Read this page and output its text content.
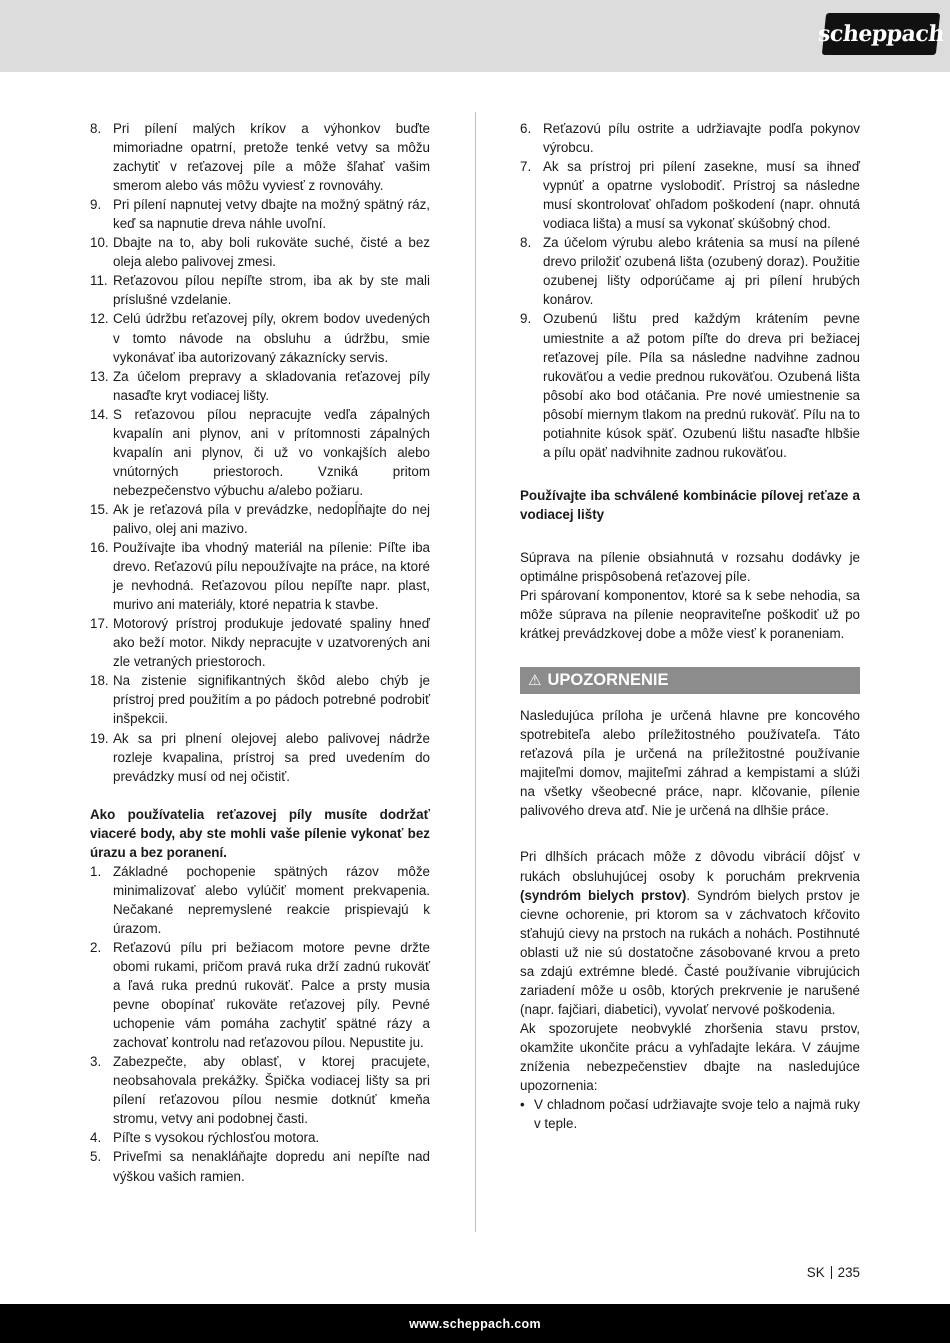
scheppach
8. Pri pílení malých kríkov a výhonkov buďte mimoriadne opatrní, pretože tenké vetvy sa môžu zachytiť v reťazovej píle a môže šľahať vašim smerom alebo vás môžu vyviesť z rovnováhy.
9. Pri pílení napnutej vetvy dbajte na možný spätný ráz, keď sa napnutie dreva náhle uvoľní.
10. Dbajte na to, aby boli rukoväte suché, čisté a bez oleja alebo palivovej zmesi.
11. Reťazovou pílou nepíľte strom, iba ak by ste mali príslušné vzdelanie.
12. Celú údržbu reťazovej píly, okrem bodov uvedených v tomto návode na obsluhu a údržbu, smie vykonávať iba autorizovaný zákaznícky servis.
13. Za účelom prepravy a skladovania reťazovej píly nasaďte kryt vodiacej lišty.
14. S reťazovou pílou nepracujte vedľa zápalných kvapalín ani plynov, ani v prítomnosti zápalných kvapalín ani plynov, či už vo vonkajších alebo vnútorných priestoroch. Vzniká pritom nebezpečenstvo výbuchu a/alebo požiaru.
15. Ak je reťazová píla v prevádzke, nedopĺňajte do nej palivo, olej ani mazivo.
16. Používajte iba vhodný materiál na pílenie: Píľte iba drevo. Reťazovú pílu nepoužívajte na práce, na ktoré je nevhodná. Reťazovou pílou nepíľte napr. plast, murivo ani materiály, ktoré nepatria k stavbe.
17. Motorový prístroj produkuje jedovaté spaliny hneď ako beží motor. Nikdy nepracujte v uzatvorených ani zle vetraných priestoroch.
18. Na zistenie signifikantných škôd alebo chýb je prístroj pred použitím a po pádoch potrebné podrobiť inšpekcii.
19. Ak sa pri plnení olejovej alebo palivovej nádrže rozleje kvapalina, prístroj sa pred uvedením do prevádzky musí od nej očistiť.

Ako používatelia reťazovej píly musíte dodržať viaceré body, aby ste mohli vaše pílenie vykonať bez úrazu a bez poranení.

1. Základné pochopenie spätných rázov môže minimalizovať alebo vylúčiť moment prekvapenia. Nečakané nepremyslené reakcie prispievajú k úrazom.
2. Reťazovú pílu pri bežiacom motore pevne držte obomi rukami, pričom pravá ruka drží zadnú rukoväť a ľavá ruka prednú rukoväť. Palce a prsty musia pevne obopínať rukoväte reťazovej píly. Pevné uchopenie vám pomáha zachytiť spätné rázy a zachovať kontrolu nad reťazovou pílou. Nepustite ju.
3. Zabezpečte, aby oblasť, v ktorej pracujete, neobsahovala prekážky. Špička vodiacej lišty sa pri pílení reťazovou pílou nesmie dotknúť kmeňa stromu, vetvy ani podobnej časti.
4. Píľte s vysokou rýchlosťou motora.
5. Priveľmi sa nenakláňajte dopredu ani nepíľte nad výškou vašich ramien.
6. Reťazovú pílu ostrite a udržiavajte podľa pokynov výrobcu.
7. Ak sa prístroj pri pílení zasekne, musí sa ihneď vypnúť a opatrne vyslobodiť. Prístroj sa následne musí skontrolovať ohľadom poškodení (napr. ohnutá vodiaca lišta) a musí sa vykonať skúšobný chod.
8. Za účelom výrubu alebo krátenia sa musí na pílené drevo priložiť ozubená lišta (ozubený doraz). Použitie ozubenej lišty odporúčame aj pri pílení hrubých konárov.
9. Ozubenú lištu pred každým krátením pevne umiestnite a až potom píľte do dreva pri bežiacej reťazovej píle. Píla sa následne nadvihne zadnou rukoväťou a vedie prednou rukoväťou. Ozubená lišta pôsobí ako bod otáčania. Pre nové umiestnenie sa pôsobí miernym tlakom na prednú rukoväť. Pílu na to potiahnite kúsok späť. Ozubenú lištu nasaďte hlbšie a pílu opäť nadvihnite zadnou rukoväťou.

Používajte iba schválené kombinácie pílovej reťaze a vodiacej lišty

Súprava na pílenie obsiahnutá v rozsahu dodávky je optimálne prispôsobená reťazovej píle.

Pri spárovaní komponentov, ktoré sa k sebe nehodia, sa môže súprava na pílenie neopraviteľne poškodiť už po krátkej prevádzkovej dobe a môže viesť k poraneniam.

⚠ UPOZORNENIE

Nasledujúca príloha je určená hlavne pre koncového spotrebiteľa alebo príležitostného používateľa. Táto reťazová píla je určená na príležitostné používanie majiteľmi domov, majiteľmi záhrad a kempistami a slúži na všetky všeobecné práce, napr. klčovanie, pílenie palivového dreva atď. Nie je určená na dlhšie práce.

Pri dlhších prácach môže z dôvodu vibrácií dôjsť v rukách obsluhujúcej osoby k poruchám prekrvenia (syndróm bielych prstov). Syndróm bielych prstov je cievne ochorenie, pri ktorom sa v záchvatoch kŕčovito sťahujú cievy na prstoch na rukách a nohách. Postihnuté oblasti už nie sú dostatočne zásobované krvou a preto sa zdajú extrémne bledé. Časté používanie vibrujúcich zariadení môže u osôb, ktorých prekrvenie je narušené (napr. fajčiari, diabetici), vyvolať nervové poškodenia.

Ak spozorujete neobvyklé zhoršenia stavu prstov, okamžite ukončite prácu a vyhľadajte lekára. V záujme zníženia nebezpečenstiev dbajte na nasledujúce upozornenia:

• V chladnom počasí udržiavajte svoje telo a najmä ruky v teple.
SK 235
www.scheppach.com
